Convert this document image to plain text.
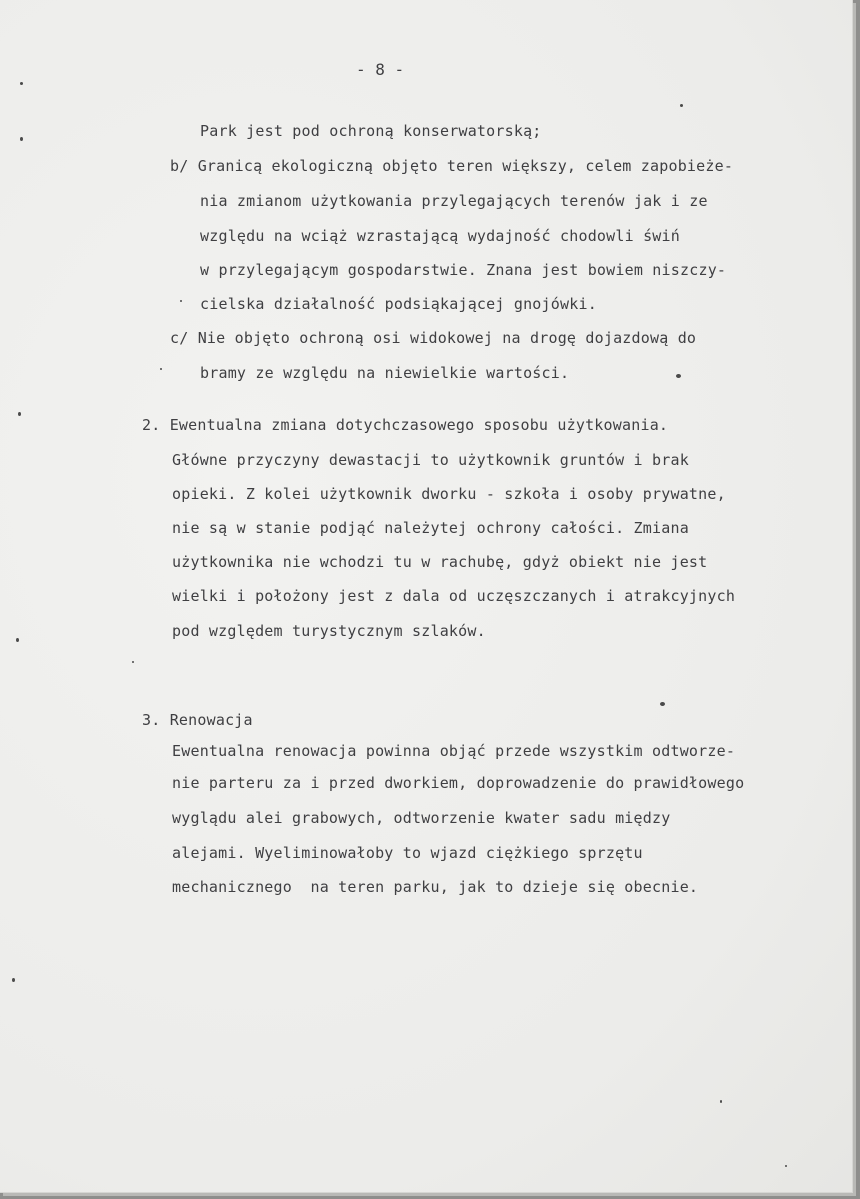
- 8 -
Park jest pod ochroną konserwatorską;
b/ Granicą ekologiczną objęto teren większy, celem zapobieże-
nia zmianom użytkowania przylegających terenów jak i ze
względu na wciąż wzrastającą wydajność chodowli świń
w przylegającym gospodarstwie. Znana jest bowiem niszczy-
cielska działalność podsiąkającej gnojówki.
c/ Nie objęto ochroną osi widokowej na drogę dojazdową do
bramy ze względu na niewielkie wartości.
2. Ewentualna zmiana dotychczasowego sposobu użytkowania.
Główne przyczyny dewastacji to użytkownik gruntów i brak
opieki. Z kolei użytkownik dworku - szkoła i osoby prywatne,
nie są w stanie podjąć należytej ochrony całości. Zmiana
użytkownika nie wchodzi tu w rachubę, gdyż obiekt nie jest
wielki i położony jest z dala od uczęszczanych i atrakcyjnych
pod względem turystycznym szlaków.
3. Renowacja
Ewentualna renowacja powinna objąć przede wszystkim odtworze-
nie parteru za i przed dworkiem, doprowadzenie do prawidłowego
wyglądu alei grabowych, odtworzenie kwater sadu między
alejami. Wyeliminowałoby to wjazd ciężkiego sprzętu
mechanicznego  na teren parku, jak to dzieje się obecnie.
